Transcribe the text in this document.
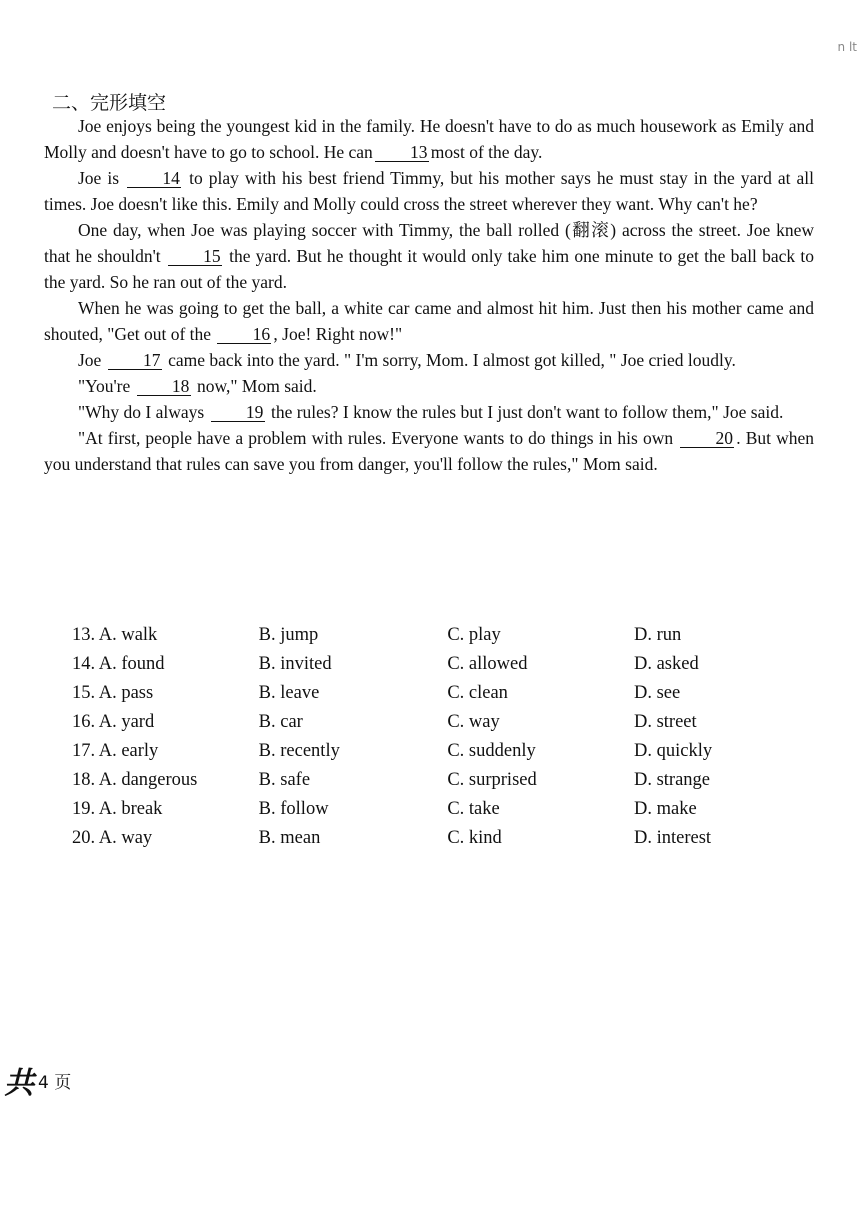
n lt
二、完形填空

Joe enjoys being the youngest kid in the family. He doesn't have to do as much housework as Emily and Molly and doesn't have to go to school. He can 13 most of the day.

Joe is 14 to play with his best friend Timmy, but his mother says he must stay in the yard at all times. Joe doesn't like this. Emily and Molly could cross the street wherever they want. Why can't he?

One day, when Joe was playing soccer with Timmy, the ball rolled (翻滚) across the street. Joe knew that he shouldn't 15 the yard. But he thought it would only take him one minute to get the ball back to the yard. So he ran out of the yard.

When he was going to get the ball, a white car came and almost hit him. Just then his mother came and shouted, "Get out of the 16 , Joe! Right now!"

Joe 17 came back into the yard. " I'm sorry, Mom. I almost got killed, " Joe cried loudly.

"You're 18 now," Mom said.

"Why do I always 19 the rules? I know the rules but I just don't want to follow them," Joe said.

"At first, people have a problem with rules. Everyone wants to do things in his own 20 . But when you understand that rules can save you from danger, you'll follow the rules," Mom said.

13. A. walk	B. jump	C. play	D. run
14. A. found	B. invited	C. allowed	D. asked
15. A. pass	B. leave	C. clean	D. see
16. A. yard	B. car	C. way	D. street
17. A. early	B. recently	C. suddenly	D. quickly
18. A. dangerous	B. safe	C. surprised	D. strange
19. A. break	B. follow	C. take	D. make
20. A. way	B. mean	C. kind	D. interest
共 4 页
